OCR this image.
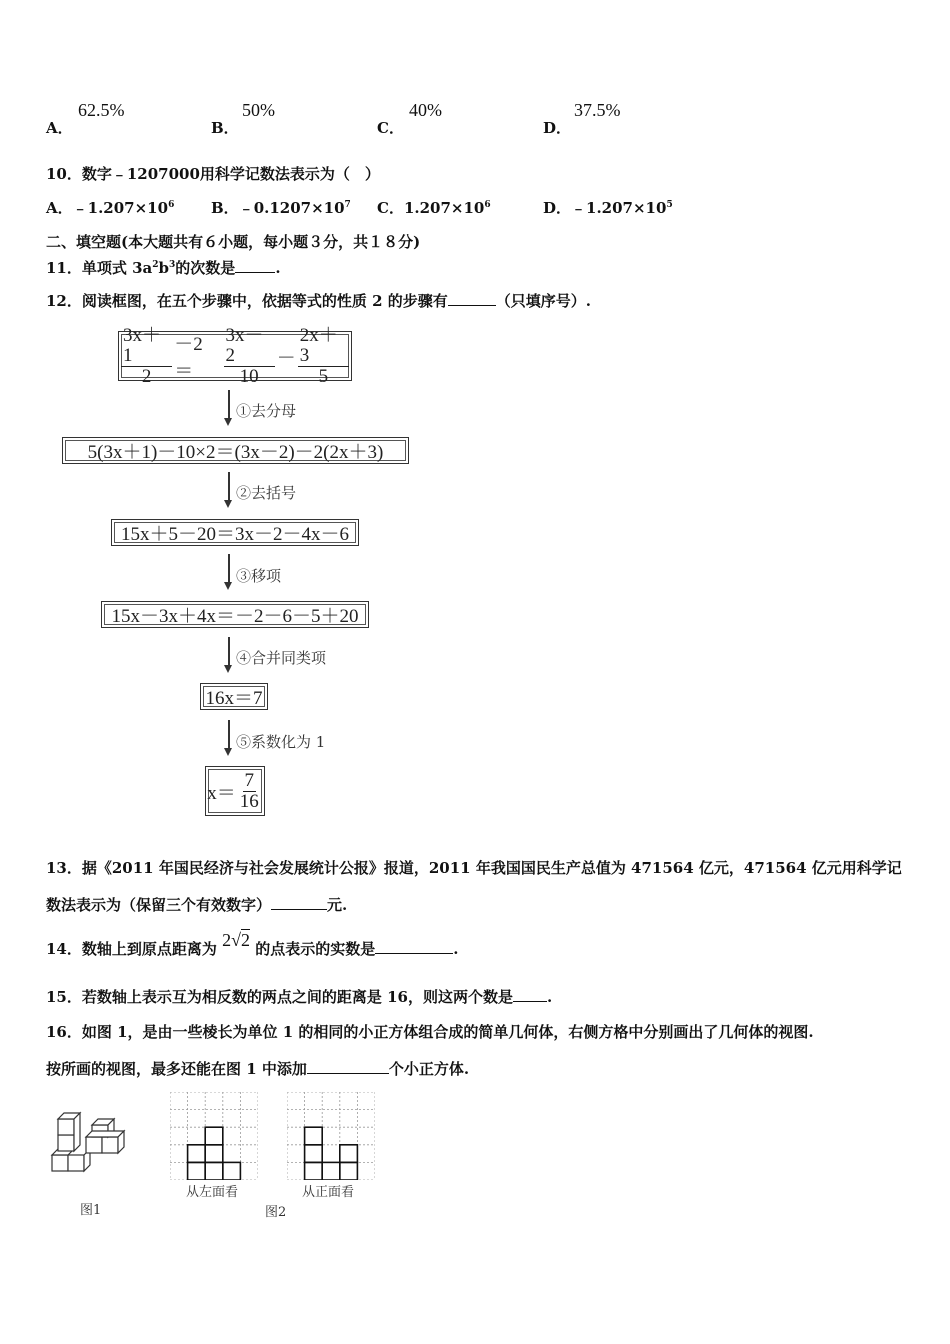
A．
62.5%
B．
50%
C．
40%
D．
37.5%
10．数字﹣1207000用科学记数法表示为（　）
A．$﹣1.207\times 10^6$ B．$﹣0.1207\times 10^7$ C．$1.207\times 10^6$	D．$﹣1.207\times 10^5$
二、填空题(本大题共有６小题，每小题３分，共１８分)
11．单项式 $3a^2b^3$的次数是	.
12．阅读框图，在五个步骤中，依据等式的性质 2 的步骤有	（只填序号）.
$\frac{3x+1}{2} -2=$	$\frac{3x-2}{10} - \frac{2x+3}{5}$
①去分母
5(3x＋1)－10×2＝(3x－2)－2(2x＋3)
②去括号
15x＋5－20＝3x－2－4x－6
③移项
15x－3x＋4x＝－2－6－5＋20
④合并同类项
16x＝7
⑤系数化为 1
$x= \frac{7}{16}$
13．据《2011 年国民经济与社会发展统计公报》报道，2011 年我国国民生产总值为 471564 亿元，471564 亿元用科学记
数法表示为（保留三个有效数字）	元.
14．数轴上到原点距离为 2√2 的点表示的实数是	.
15．若数轴上表示互为相反数的两点之间的距离是 16，则这两个数是 .
16．如图 1，是由一些棱长为单位 1 的相同的小正方体组合成的简单几何体，右侧方格中分别画出了几何体的视图.
按所画的视图，最多还能在图 1 中添加	个小正方体.
图1
从左面看	从正面看
图2
